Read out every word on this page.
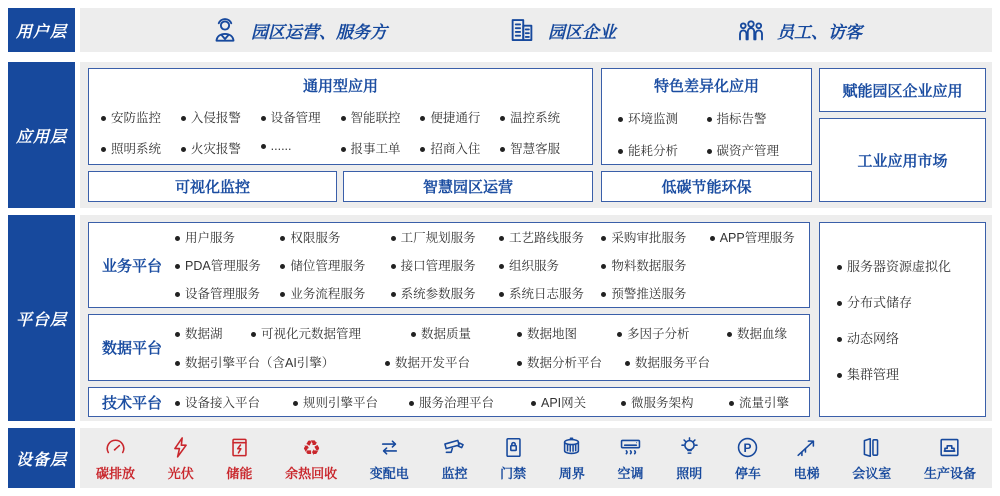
用户层	园区运营、服务方	园区企业	员工、访客
应用层
通用型应用
安防监控	入侵报警	设备管理	智能联控	便捷通行	温控系统
照明系统	火灾报警	......	报事工单	招商入住	智慧客服
特色差异化应用
环境监测	指标告警
能耗分析	碳资产管理
赋能园区企业应用
工业应用市场
可视化监控	智慧园区运营	低碳节能环保
平台层
业务平台
用户服务	权限服务	工厂规划服务	工艺路线服务	采购审批服务	APP管理服务
PDA管理服务	储位管理服务	接口管理服务	组织服务	物料数据服务
设备管理服务	业务流程服务	系统参数服务	系统日志服务	预警推送服务
数据平台
数据湖	可视化元数据管理	数据质量	数据地图	多因子分析	数据血缘
数据引擎平台（含AI引擎）	数据开发平台	数据分析平台	数据服务平台
技术平台	设备接入平台	规则引擎平台	服务治理平台	API网关	微服务架构	流量引擎
服务器资源虚拟化
分布式储存
动态网络
集群管理
设备层
碳排放	光伏	储能
♻
余热回收	变配电	监控	门禁	周界	空调	照明
P
停车	电梯	会议室	生产设备
